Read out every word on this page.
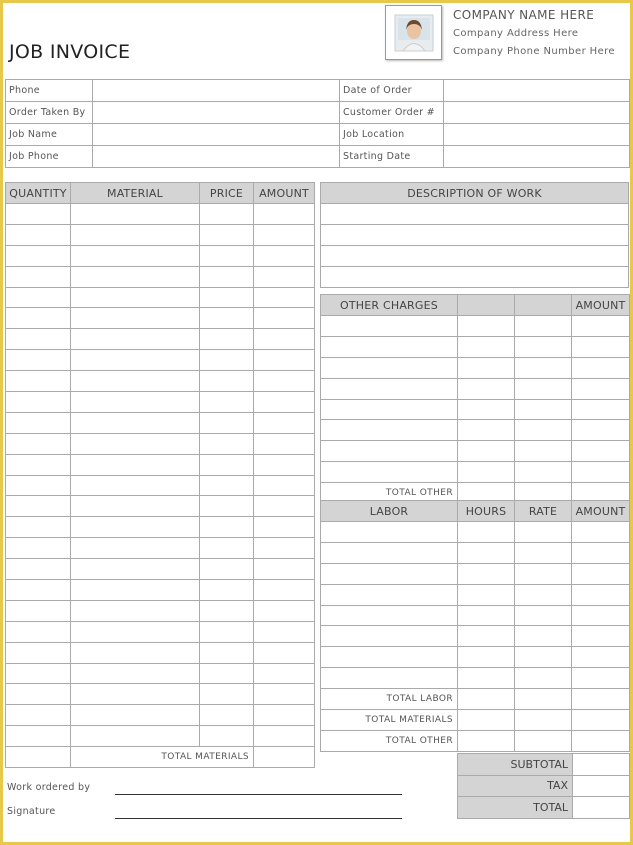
JOB INVOICE
COMPANY NAME HERE
Company Address Here
Company Phone Number Here
Phone		Date of Order	
Order Taken By		Customer Order #	
Job Name		Job Location	
Job Phone		Starting Date	
QUANTITY	MATERIAL	PRICE	AMOUNT

	TOTAL MATERIALS		
DESCRIPTION OF WORK

OTHER CHARGES			AMOUNT

TOTAL OTHER			
LABOR	HOURS	RATE	AMOUNT

TOTAL LABOR			
TOTAL MATERIALS			
TOTAL OTHER			
SUBTOTAL	
TAX	
TOTAL	
Work ordered by
Signature
